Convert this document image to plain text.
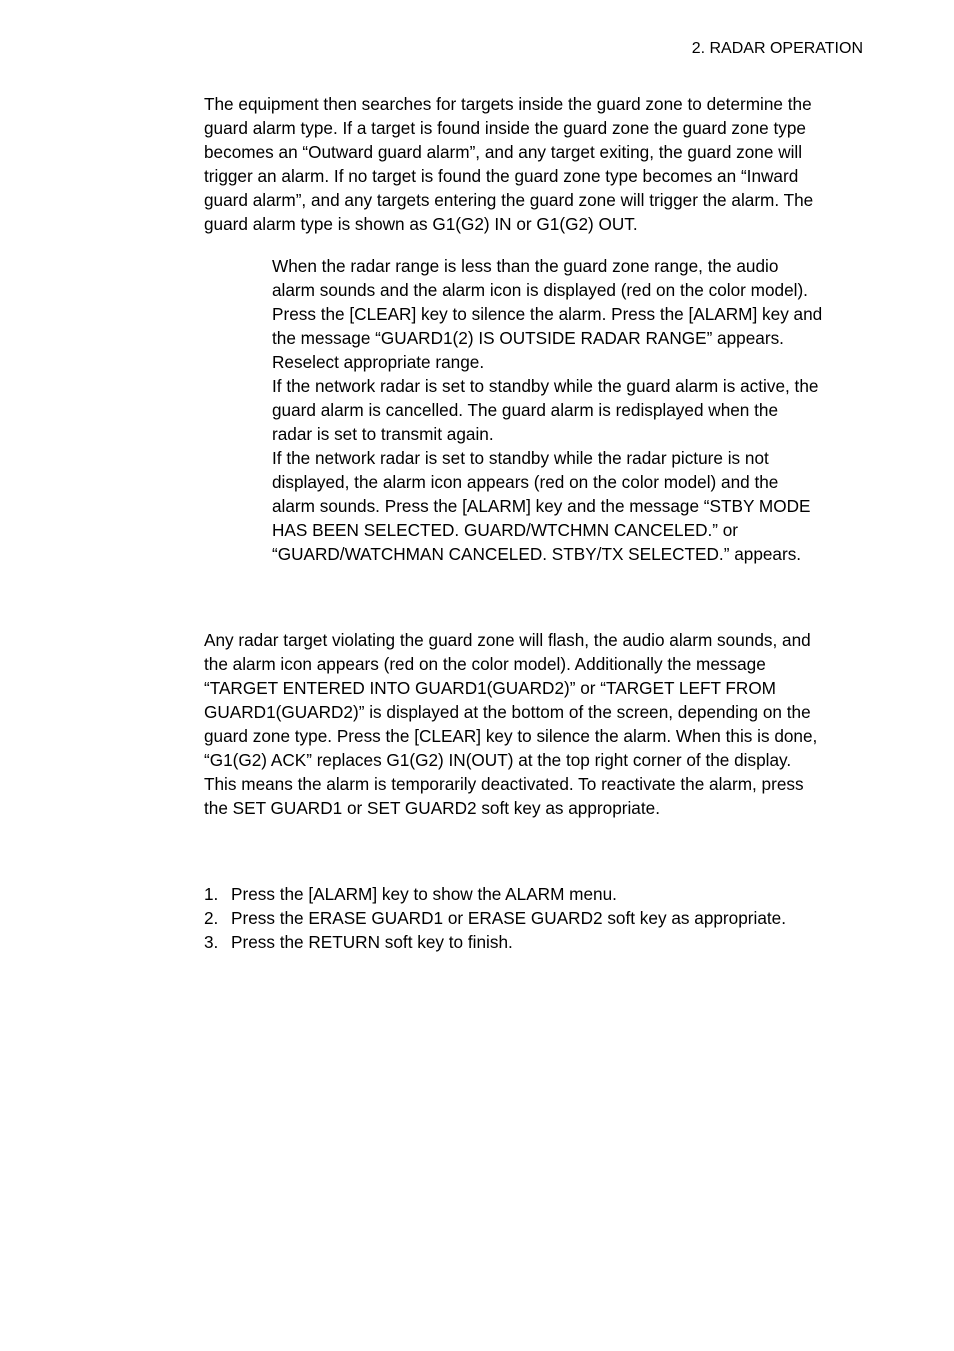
2. RADAR OPERATION
The equipment then searches for targets inside the guard zone to determine the
guard alarm type. If a target is found inside the guard zone the guard zone type
becomes an “Outward guard alarm”, and any target exiting, the guard zone will
trigger an alarm. If no target is found the guard zone type becomes an “Inward
guard alarm”, and any targets entering the guard zone will trigger the alarm. The
guard alarm type is shown as G1(G2) IN or G1(G2) OUT.
When the radar range is less than the guard zone range, the audio
alarm sounds and the alarm icon is displayed (red on the color model).
Press the [CLEAR] key to silence the alarm. Press the [ALARM] key and
the message “GUARD1(2) IS OUTSIDE RADAR RANGE” appears.
Reselect appropriate range.
If the network radar is set to standby while the guard alarm is active, the
guard alarm is cancelled. The guard alarm is redisplayed when the
radar is set to transmit again.
If the network radar is set to standby while the radar picture is not
displayed, the alarm icon appears (red on the color model) and the
alarm sounds. Press the [ALARM] key and the message “STBY MODE
HAS BEEN SELECTED. GUARD/WTCHMN CANCELED.” or
“GUARD/WATCHMAN CANCELED. STBY/TX SELECTED.” appears.
Any radar target violating the guard zone will flash, the audio alarm sounds, and
the alarm icon appears (red on the color model). Additionally the message
“TARGET ENTERED INTO GUARD1(GUARD2)” or “TARGET LEFT FROM
GUARD1(GUARD2)” is displayed at the bottom of the screen, depending on the
guard zone type. Press the [CLEAR] key to silence the alarm. When this is done,
“G1(G2) ACK” replaces G1(G2) IN(OUT) at the top right corner of the display.
This means the alarm is temporarily deactivated. To reactivate the alarm, press
the SET GUARD1 or SET GUARD2 soft key as appropriate.
1. Press the [ALARM] key to show the ALARM menu.
2. Press the ERASE GUARD1 or ERASE GUARD2 soft key as appropriate.
3. Press the RETURN soft key to finish.
